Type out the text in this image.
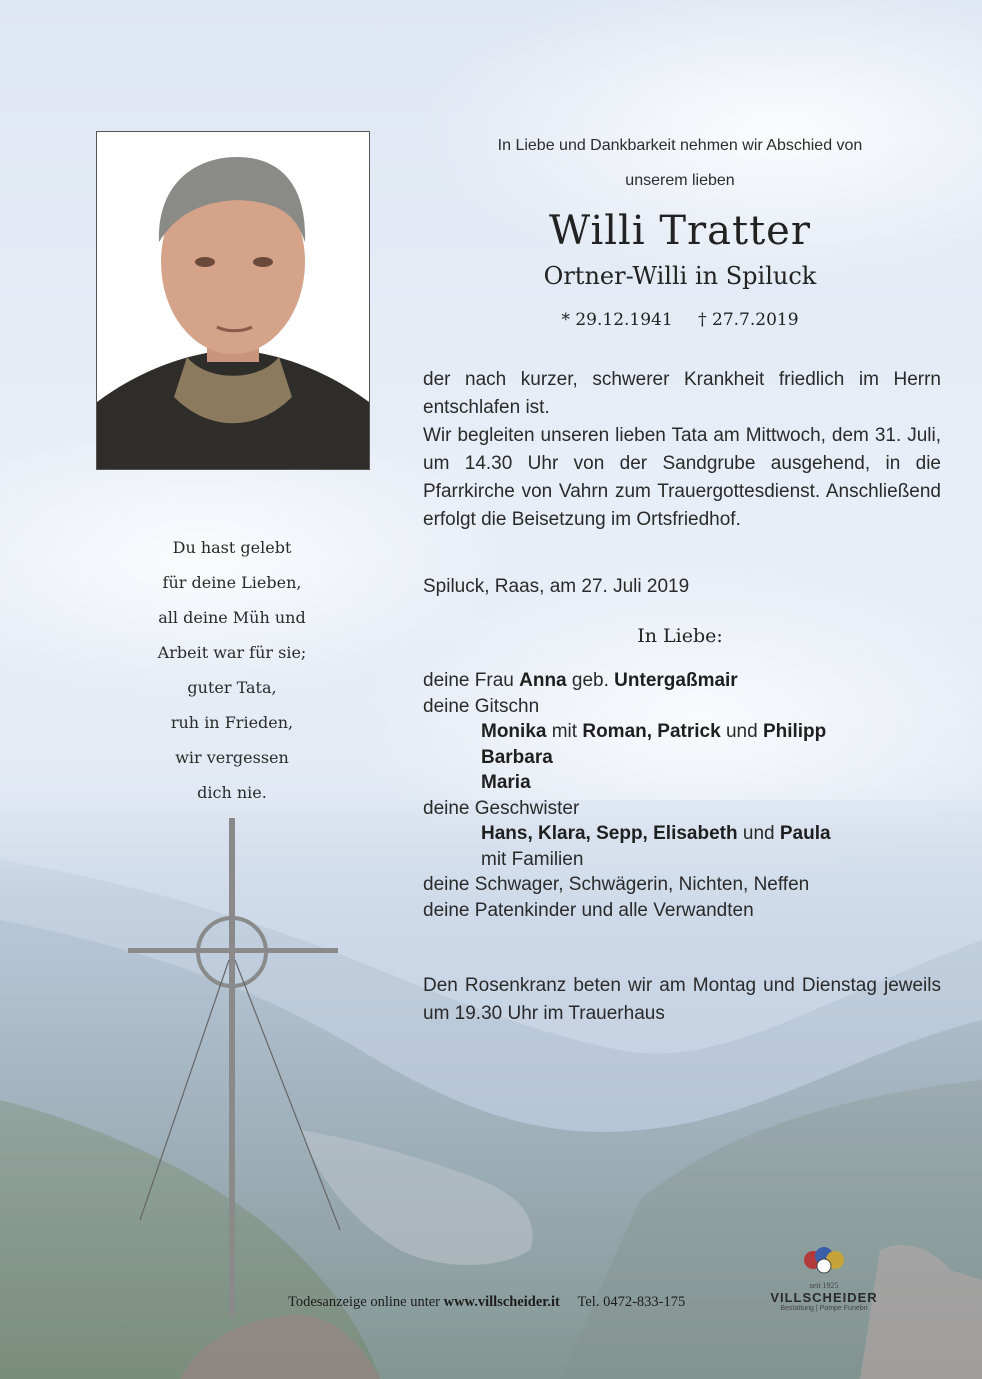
In Liebe und Dankbarkeit nehmen wir Abschied von
unserem lieben
Willi Tratter
Ortner-Willi in Spiluck
* 29.12.1941 † 27.7.2019

der nach kurzer, schwerer Krankheit friedlich im Herrn entschlafen ist.

Wir begleiten unseren lieben Tata am Mittwoch, dem 31. Juli, um 14.30 Uhr von der Sandgrube ausgehend, in die Pfarrkirche von Vahrn zum Trauergottesdienst. Anschließend erfolgt die Beisetzung im Ortsfriedhof.

Spiluck, Raas, am 27. Juli 2019
In Liebe:
deine Frau Anna geb. Untergaßmair
deine Gitschn
Monika mit Roman, Patrick und Philipp
Barbara
Maria
deine Geschwister
Hans, Klara, Sepp, Elisabeth und Paula
mit Familien
deine Schwager, Schwägerin, Nichten, Neffen
deine Patenkinder und alle Verwandten
Den Rosenkranz beten wir am Montag und Dienstag jeweils um 19.30 Uhr im Trauerhaus
Du hast gelebt
für deine Lieben,
all deine Müh und
Arbeit war für sie;
guter Tata,
ruh in Frieden,
wir vergessen
dich nie.
Todesanzeige online unter www.villscheider.it Tel. 0472-833-175
seit 1925
VILLSCHEIDER
Bestattung | Pompe Funebri
